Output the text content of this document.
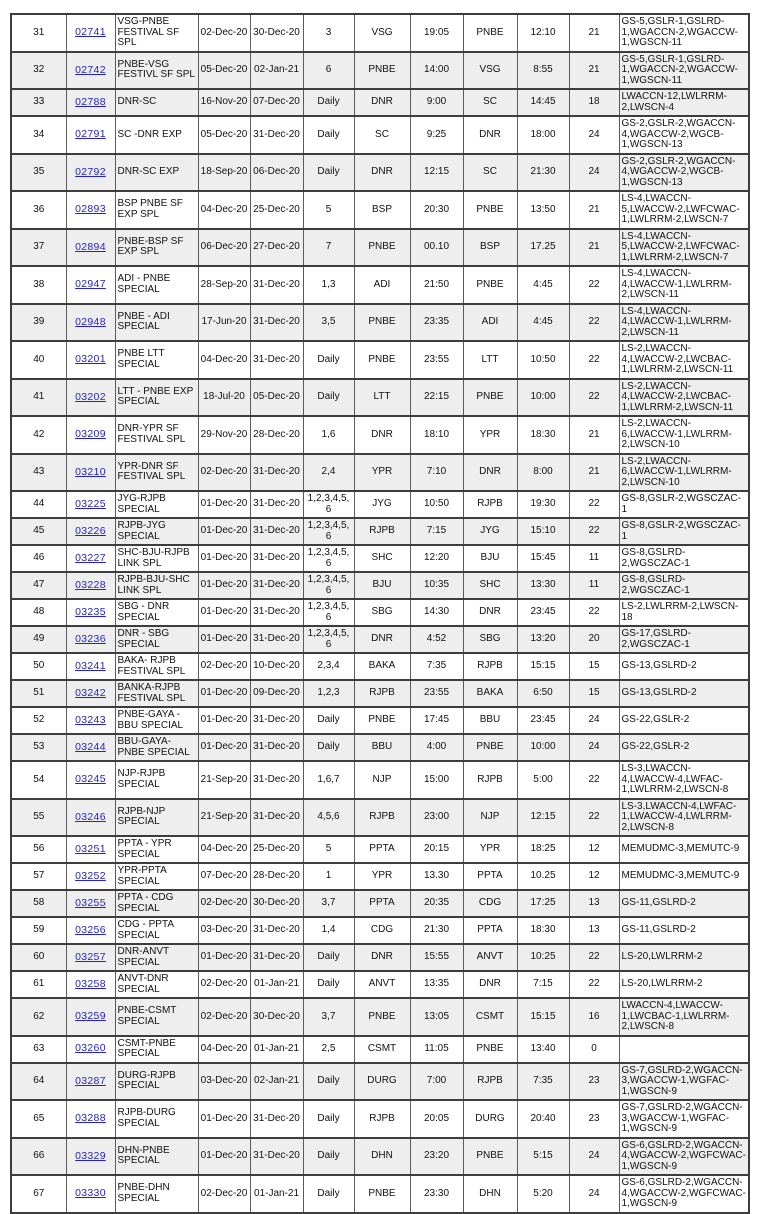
31	02741	VSG-PNBE FESTIVAL SF SPL	02-Dec-20	30-Dec-20	3	VSG	19:05	PNBE	12:10	21	GS-5,GSLR-1,GSLRD-1,WGACCN-2,WGACCW-1,WGSCN-11
32	02742	PNBE-VSG FESTIVL SF SPL	05-Dec-20	02-Jan-21	6	PNBE	14:00	VSG	8:55	21	GS-5,GSLR-1,GSLRD-1,WGACCN-2,WGACCW-1,WGSCN-11
33	02788	DNR-SC	16-Nov-20	07-Dec-20	Daily	DNR	9:00	SC	14:45	18	LWACCN-12,LWLRRM-2,LWSCN-4
34	02791	SC -DNR EXP	05-Dec-20	31-Dec-20	Daily	SC	9:25	DNR	18:00	24	GS-2,GSLR-2,WGACCN-4,WGACCW-2,WGCB-1,WGSCN-13
35	02792	DNR-SC EXP	18-Sep-20	06-Dec-20	Daily	DNR	12:15	SC	21:30	24	GS-2,GSLR-2,WGACCN-4,WGACCW-2,WGCB-1,WGSCN-13
36	02893	BSP PNBE SF EXP SPL	04-Dec-20	25-Dec-20	5	BSP	20:30	PNBE	13:50	21	LS-4,LWACCN-5,LWACCW-2,LWFCWAC-1,LWLRRM-2,LWSCN-7
37	02894	PNBE-BSP SF EXP SPL	06-Dec-20	27-Dec-20	7	PNBE	00.10	BSP	17.25	21	LS-4,LWACCN-5,LWACCW-2,LWFCWAC-1,LWLRRM-2,LWSCN-7
38	02947	ADI - PNBE SPECIAL	28-Sep-20	31-Dec-20	1,3	ADI	21:50	PNBE	4:45	22	LS-4,LWACCN-4,LWACCW-1,LWLRRM-2,LWSCN-11
39	02948	PNBE - ADI SPECIAL	17-Jun-20	31-Dec-20	3,5	PNBE	23:35	ADI	4:45	22	LS-4,LWACCN-4,LWACCW-1,LWLRRM-2,LWSCN-11
40	03201	PNBE LTT SPECIAL	04-Dec-20	31-Dec-20	Daily	PNBE	23:55	LTT	10:50	22	LS-2,LWACCN-4,LWACCW-2,LWCBAC-1,LWLRRM-2,LWSCN-11
41	03202	LTT - PNBE EXP SPECIAL	18-Jul-20	05-Dec-20	Daily	LTT	22:15	PNBE	10:00	22	LS-2,LWACCN-4,LWACCW-2,LWCBAC-1,LWLRRM-2,LWSCN-11
42	03209	DNR-YPR SF FESTIVAL SPL	29-Nov-20	28-Dec-20	1,6	DNR	18:10	YPR	18:30	21	LS-2,LWACCN-6,LWACCW-1,LWLRRM-2,LWSCN-10
43	03210	YPR-DNR SF FESTIVAL SPL	02-Dec-20	31-Dec-20	2,4	YPR	7:10	DNR	8:00	21	LS-2,LWACCN-6,LWACCW-1,LWLRRM-2,LWSCN-10
44	03225	JYG-RJPB SPECIAL	01-Dec-20	31-Dec-20	1,2,3,4,5,6	JYG	10:50	RJPB	19:30	22	GS-8,GSLR-2,WGSCZAC-1
45	03226	RJPB-JYG SPECIAL	01-Dec-20	31-Dec-20	1,2,3,4,5,6	RJPB	7:15	JYG	15:10	22	GS-8,GSLR-2,WGSCZAC-1
46	03227	SHC-BJU-RJPB LINK SPL	01-Dec-20	31-Dec-20	1,2,3,4,5,6	SHC	12:20	BJU	15:45	11	GS-8,GSLRD-2,WGSCZAC-1
47	03228	RJPB-BJU-SHC LINK SPL	01-Dec-20	31-Dec-20	1,2,3,4,5,6	BJU	10:35	SHC	13:30	11	GS-8,GSLRD-2,WGSCZAC-1
48	03235	SBG - DNR SPECIAL	01-Dec-20	31-Dec-20	1,2,3,4,5,6	SBG	14:30	DNR	23:45	22	LS-2,LWLRRM-2,LWSCN-18
49	03236	DNR - SBG SPECIAL	01-Dec-20	31-Dec-20	1,2,3,4,5,6	DNR	4:52	SBG	13:20	20	GS-17,GSLRD-2,WGSCZAC-1
50	03241	BAKA- RJPB FESTIVAL SPL	02-Dec-20	10-Dec-20	2,3,4	BAKA	7:35	RJPB	15:15	15	GS-13,GSLRD-2
51	03242	BANKA-RJPB FESTIVAL SPL	01-Dec-20	09-Dec-20	1,2,3	RJPB	23:55	BAKA	6:50	15	GS-13,GSLRD-2
52	03243	PNBE-GAYA -BBU SPECIAL	01-Dec-20	31-Dec-20	Daily	PNBE	17:45	BBU	23:45	24	GS-22,GSLR-2
53	03244	BBU-GAYA-PNBE SPECIAL	01-Dec-20	31-Dec-20	Daily	BBU	4:00	PNBE	10:00	24	GS-22,GSLR-2
54	03245	NJP-RJPB SPECIAL	21-Sep-20	31-Dec-20	1,6,7	NJP	15:00	RJPB	5:00	22	LS-3,LWACCN-4,LWACCW-4,LWFAC-1,LWLRRM-2,LWSCN-8
55	03246	RJPB-NJP SPECIAL	21-Sep-20	31-Dec-20	4,5,6	RJPB	23:00	NJP	12:15	22	LS-3,LWACCN-4,LWFAC-1,LWACCW-4,LWLRRM-2,LWSCN-8
56	03251	PPTA - YPR SPECIAL	04-Dec-20	25-Dec-20	5	PPTA	20:15	YPR	18:25	12	MEMUDMC-3,MEMUTC-9
57	03252	YPR-PPTA SPECIAL	07-Dec-20	28-Dec-20	1	YPR	13.30	PPTA	10.25	12	MEMUDMC-3,MEMUTC-9
58	03255	PPTA - CDG SPECIAL	02-Dec-20	30-Dec-20	3,7	PPTA	20:35	CDG	17:25	13	GS-11,GSLRD-2
59	03256	CDG - PPTA SPECIAL	03-Dec-20	31-Dec-20	1,4	CDG	21:30	PPTA	18:30	13	GS-11,GSLRD-2
60	03257	DNR-ANVT SPECIAL	01-Dec-20	31-Dec-20	Daily	DNR	15:55	ANVT	10:25	22	LS-20,LWLRRM-2
61	03258	ANVT-DNR SPECIAL	02-Dec-20	01-Jan-21	Daily	ANVT	13:35	DNR	7:15	22	LS-20,LWLRRM-2
62	03259	PNBE-CSMT SPECIAL	02-Dec-20	30-Dec-20	3,7	PNBE	13:05	CSMT	15:15	16	LWACCN-4,LWACCW-1,LWCBAC-1,LWLRRM-2,LWSCN-8
63	03260	CSMT-PNBE SPECIAL	04-Dec-20	01-Jan-21	2,5	CSMT	11:05	PNBE	13:40	0	
64	03287	DURG-RJPB SPECIAL	03-Dec-20	02-Jan-21	Daily	DURG	7:00	RJPB	7:35	23	GS-7,GSLRD-2,WGACCN-3,WGACCW-1,WGFAC-1,WGSCN-9
65	03288	RJPB-DURG SPECIAL	01-Dec-20	31-Dec-20	Daily	RJPB	20:05	DURG	20:40	23	GS-7,GSLRD-2,WGACCN-3,WGACCW-1,WGFAC-1,WGSCN-9
66	03329	DHN-PNBE SPECIAL	01-Dec-20	31-Dec-20	Daily	DHN	23:20	PNBE	5:15	24	GS-6,GSLRD-2,WGACCN-4,WGACCW-2,WGFCWAC-1,WGSCN-9
67	03330	PNBE-DHN SPECIAL	02-Dec-20	01-Jan-21	Daily	PNBE	23:30	DHN	5:20	24	GS-6,GSLRD-2,WGACCN-4,WGACCW-2,WGFCWAC-1,WGSCN-9
